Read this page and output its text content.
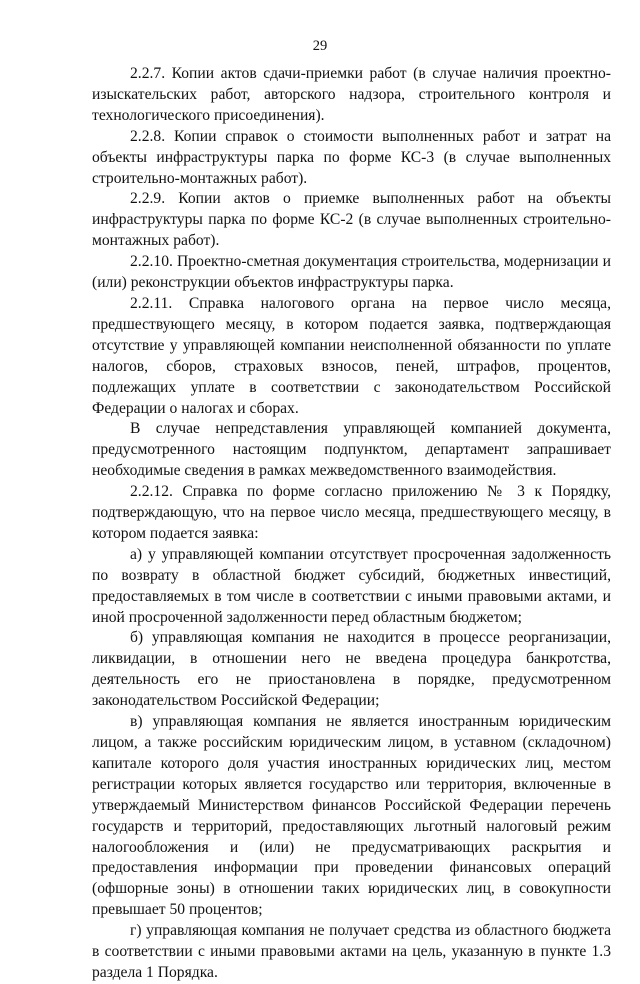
29

2.2.7. Копии актов сдачи-приемки работ (в случае наличия проектно-изыскательских работ, авторского надзора, строительного контроля и технологического присоединения).

2.2.8. Копии справок о стоимости выполненных работ и затрат на объекты инфраструктуры парка по форме КС-3 (в случае выполненных строительно-монтажных работ).

2.2.9. Копии актов о приемке выполненных работ на объекты инфраструктуры парка по форме КС-2 (в случае выполненных строительно-монтажных работ).

2.2.10. Проектно-сметная документация строительства, модернизации и (или) реконструкции объектов инфраструктуры парка.

2.2.11. Справка налогового органа на первое число месяца, предшествующего месяцу, в котором подается заявка, подтверждающая отсутствие у управляющей компании неисполненной обязанности по уплате налогов, сборов, страховых взносов, пеней, штрафов, процентов, подлежащих уплате в соответствии с законодательством Российской Федерации о налогах и сборах.

В случае непредставления управляющей компанией документа, предусмотренного настоящим подпунктом, департамент запрашивает необходимые сведения в рамках межведомственного взаимодействия.

2.2.12. Справка по форме согласно приложению № 3 к Порядку, подтверждающую, что на первое число месяца, предшествующего месяцу, в котором подается заявка:

а) у управляющей компании отсутствует просроченная задолженность по возврату в областной бюджет субсидий, бюджетных инвестиций, предоставляемых в том числе в соответствии с иными правовыми актами, и иной просроченной задолженности перед областным бюджетом;

б) управляющая компания не находится в процессе реорганизации, ликвидации, в отношении него не введена процедура банкротства, деятельность его не приостановлена в порядке, предусмотренном законодательством Российской Федерации;

в) управляющая компания не является иностранным юридическим лицом, а также российским юридическим лицом, в уставном (складочном) капитале которого доля участия иностранных юридических лиц, местом регистрации которых является государство или территория, включенные в утверждаемый Министерством финансов Российской Федерации перечень государств и территорий, предоставляющих льготный налоговый режим налогообложения и (или) не предусматривающих раскрытия и предоставления информации при проведении финансовых операций (офшорные зоны) в отношении таких юридических лиц, в совокупности превышает 50 процентов;

г) управляющая компания не получает средства из областного бюджета в соответствии с иными правовыми актами на цель, указанную в пункте 1.3 раздела 1 Порядка.
